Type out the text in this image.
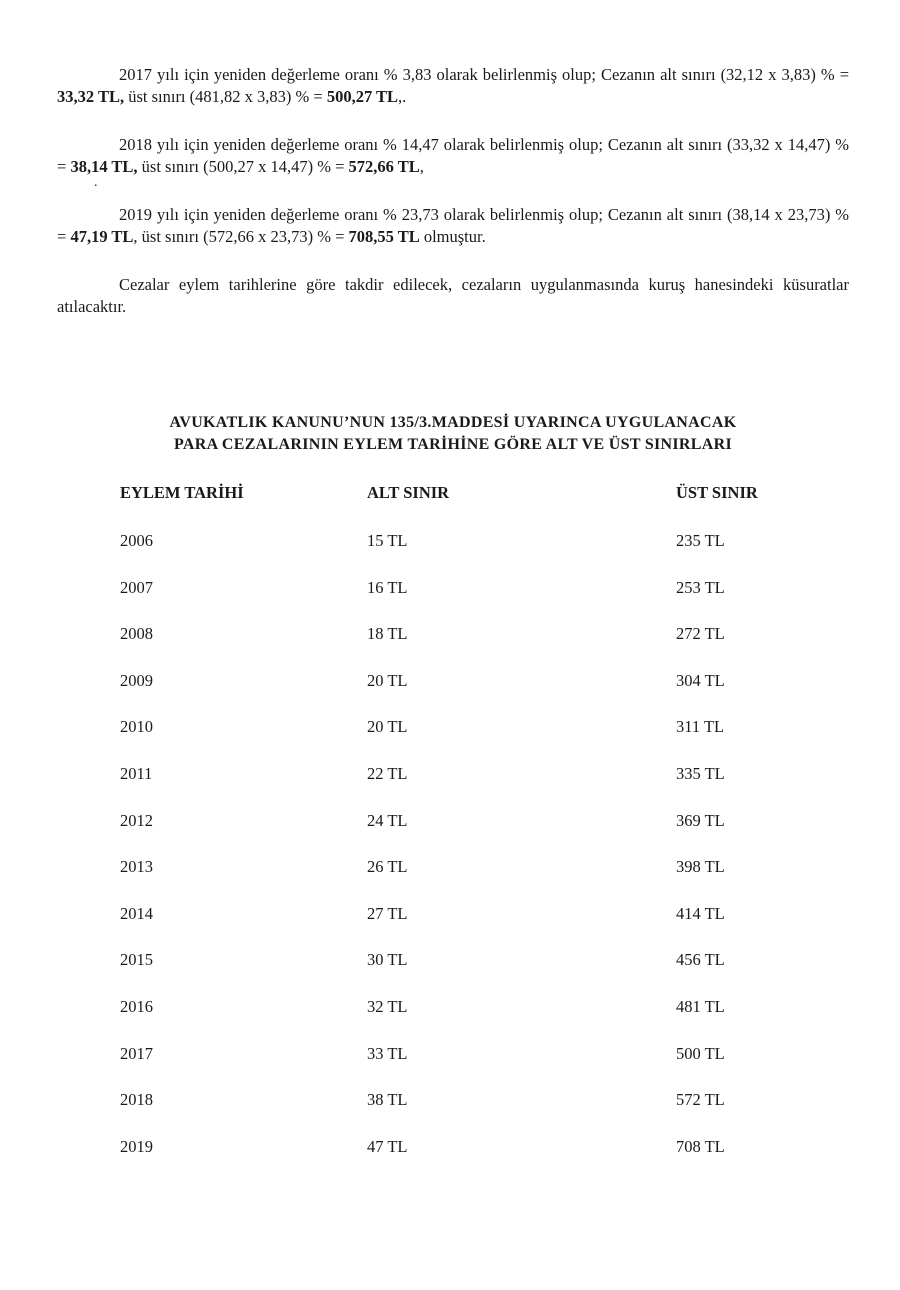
2017 yılı için yeniden değerleme oranı % 3,83 olarak belirlenmiş olup; Cezanın alt sınırı (32,12 x 3,83) % = 33,32 TL, üst sınırı (481,82 x 3,83) % = 500,27 TL,.

2018 yılı için yeniden değerleme oranı % 14,47 olarak belirlenmiş olup; Cezanın alt sınırı (33,32 x 14,47) % = 38,14 TL, üst sınırı (500,27 x 14,47) % = 572,66 TL,

.

2019 yılı için yeniden değerleme oranı % 23,73 olarak belirlenmiş olup; Cezanın alt sınırı (38,14 x 23,73) % = 47,19 TL, üst sınırı (572,66 x 23,73) % = 708,55 TL olmuştur.

Cezalar eylem tarihlerine göre takdir edilecek, cezaların uygulanmasında kuruş hanesindeki küsuratlar atılacaktır.

AVUKATLIK KANUNU’NUN 135/3.MADDESİ UYARINCA UYGULANACAK
PARA CEZALARININ EYLEM TARİHİNE GÖRE ALT VE ÜST SINIRLARI
EYLEM TARİHİ	ALT SINIR	ÜST SINIR
2006	15 TL	235 TL
2007	16 TL	253 TL
2008	18 TL	272 TL
2009	20 TL	304 TL
2010	20 TL	311 TL
2011	22 TL	335 TL
2012	24 TL	369 TL
2013	26 TL	398 TL
2014	27 TL	414 TL
2015	30 TL	456 TL
2016	32 TL	481 TL
2017	33 TL	500 TL
2018	38 TL	572 TL
2019	47 TL	708 TL
